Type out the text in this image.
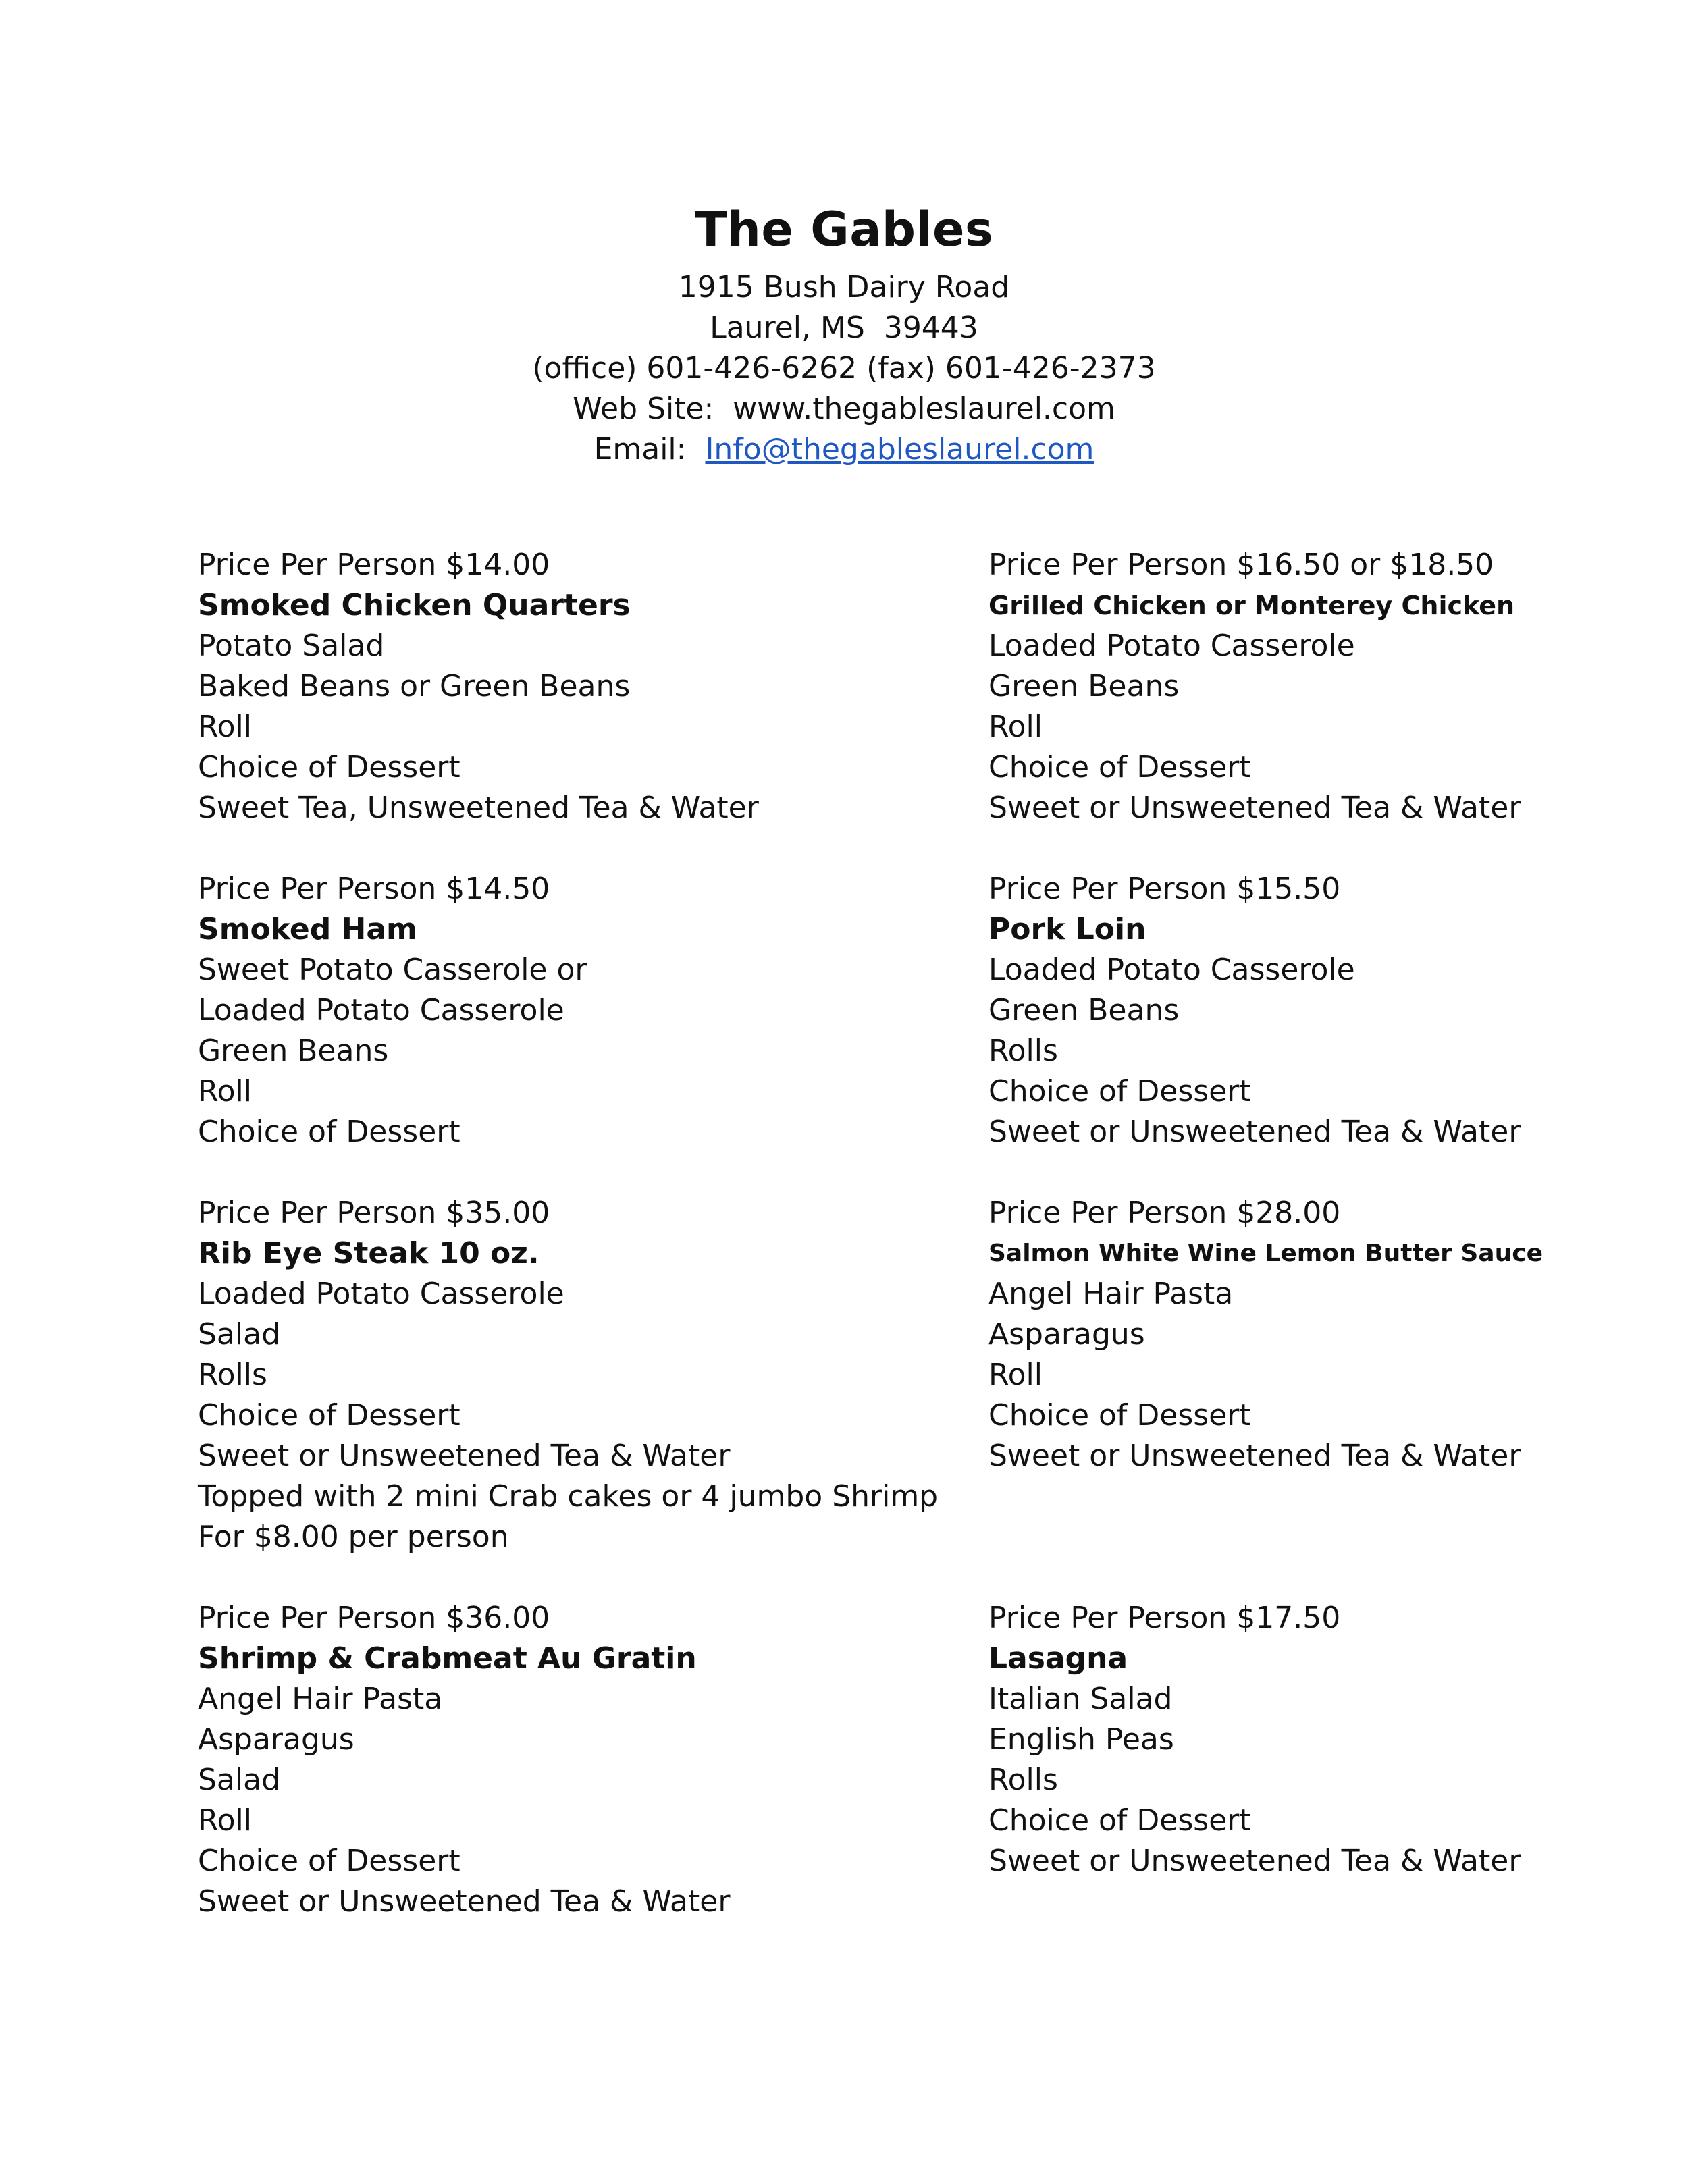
The Gables
1915 Bush Dairy Road
Laurel, MS  39443
(office) 601-426-6262 (fax) 601-426-2373
Web Site:  www.thegableslaurel.com
Email:  Info@thegableslaurel.com
Price Per Person $14.00
Smoked Chicken Quarters
Potato Salad
Baked Beans or Green Beans
Roll
Choice of Dessert
Sweet Tea, Unsweetened Tea & Water
Price Per Person $16.50 or $18.50
Grilled Chicken or Monterey Chicken
Loaded Potato Casserole
Green Beans
Roll
Choice of Dessert
Sweet or Unsweetened Tea & Water
Price Per Person $14.50
Smoked Ham
Sweet Potato Casserole or
Loaded Potato Casserole
Green Beans
Roll
Choice of Dessert
Price Per Person $15.50
Pork Loin
Loaded Potato Casserole
Green Beans
Rolls
Choice of Dessert
Sweet or Unsweetened Tea & Water
Price Per Person $35.00
Rib Eye Steak 10 oz.
Loaded Potato Casserole
Salad
Rolls
Choice of Dessert
Sweet or Unsweetened Tea & Water
Topped with 2 mini Crab cakes or 4 jumbo Shrimp
For $8.00 per person
Price Per Person $28.00
Salmon White Wine Lemon Butter Sauce
Angel Hair Pasta
Asparagus
Roll
Choice of Dessert
Sweet or Unsweetened Tea & Water
Price Per Person $36.00
Shrimp & Crabmeat Au Gratin
Angel Hair Pasta
Asparagus
Salad
Roll
Choice of Dessert
Sweet or Unsweetened Tea & Water
Price Per Person $17.50
Lasagna
Italian Salad
English Peas
Rolls
Choice of Dessert
Sweet or Unsweetened Tea & Water
